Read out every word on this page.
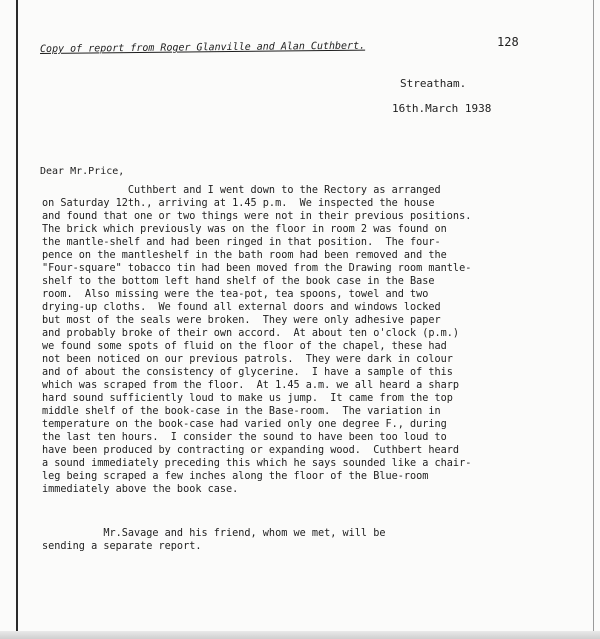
128
Copy of report from Roger Glanville and Alan Cuthbert.
Streatham.
16th.March 1938
Dear Mr.Price,
Cuthbert and I went down to the Rectory as arranged
on Saturday 12th., arriving at 1.45 p.m.  We inspected the house
and found that one or two things were not in their previous positions.
The brick which previously was on the floor in room 2 was found on
the mantle-shelf and had been ringed in that position.  The four-
pence on the mantleshelf in the bath room had been removed and the
"Four-square" tobacco tin had been moved from the Drawing room mantle-
shelf to the bottom left hand shelf of the book case in the Base
room.  Also missing were the tea-pot, tea spoons, towel and two
drying-up cloths.  We found all external doors and windows locked
but most of the seals were broken.  They were only adhesive paper
and probably broke of their own accord.  At about ten o'clock (p.m.)
we found some spots of fluid on the floor of the chapel, these had
not been noticed on our previous patrols.  They were dark in colour
and of about the consistency of glycerine.  I have a sample of this
which was scraped from the floor.  At 1.45 a.m. we all heard a sharp
hard sound sufficiently loud to make us jump.  It came from the top
middle shelf of the book-case in the Base-room.  The variation in
temperature on the book-case had varied only one degree F., during
the last ten hours.  I consider the sound to have been too loud to
have been produced by contracting or expanding wood.  Cuthbert heard
a sound immediately preceding this which he says sounded like a chair-
leg being scraped a few inches along the floor of the Blue-room
immediately above the book case.
Mr.Savage and his friend, whom we met, will be
sending a separate report.
